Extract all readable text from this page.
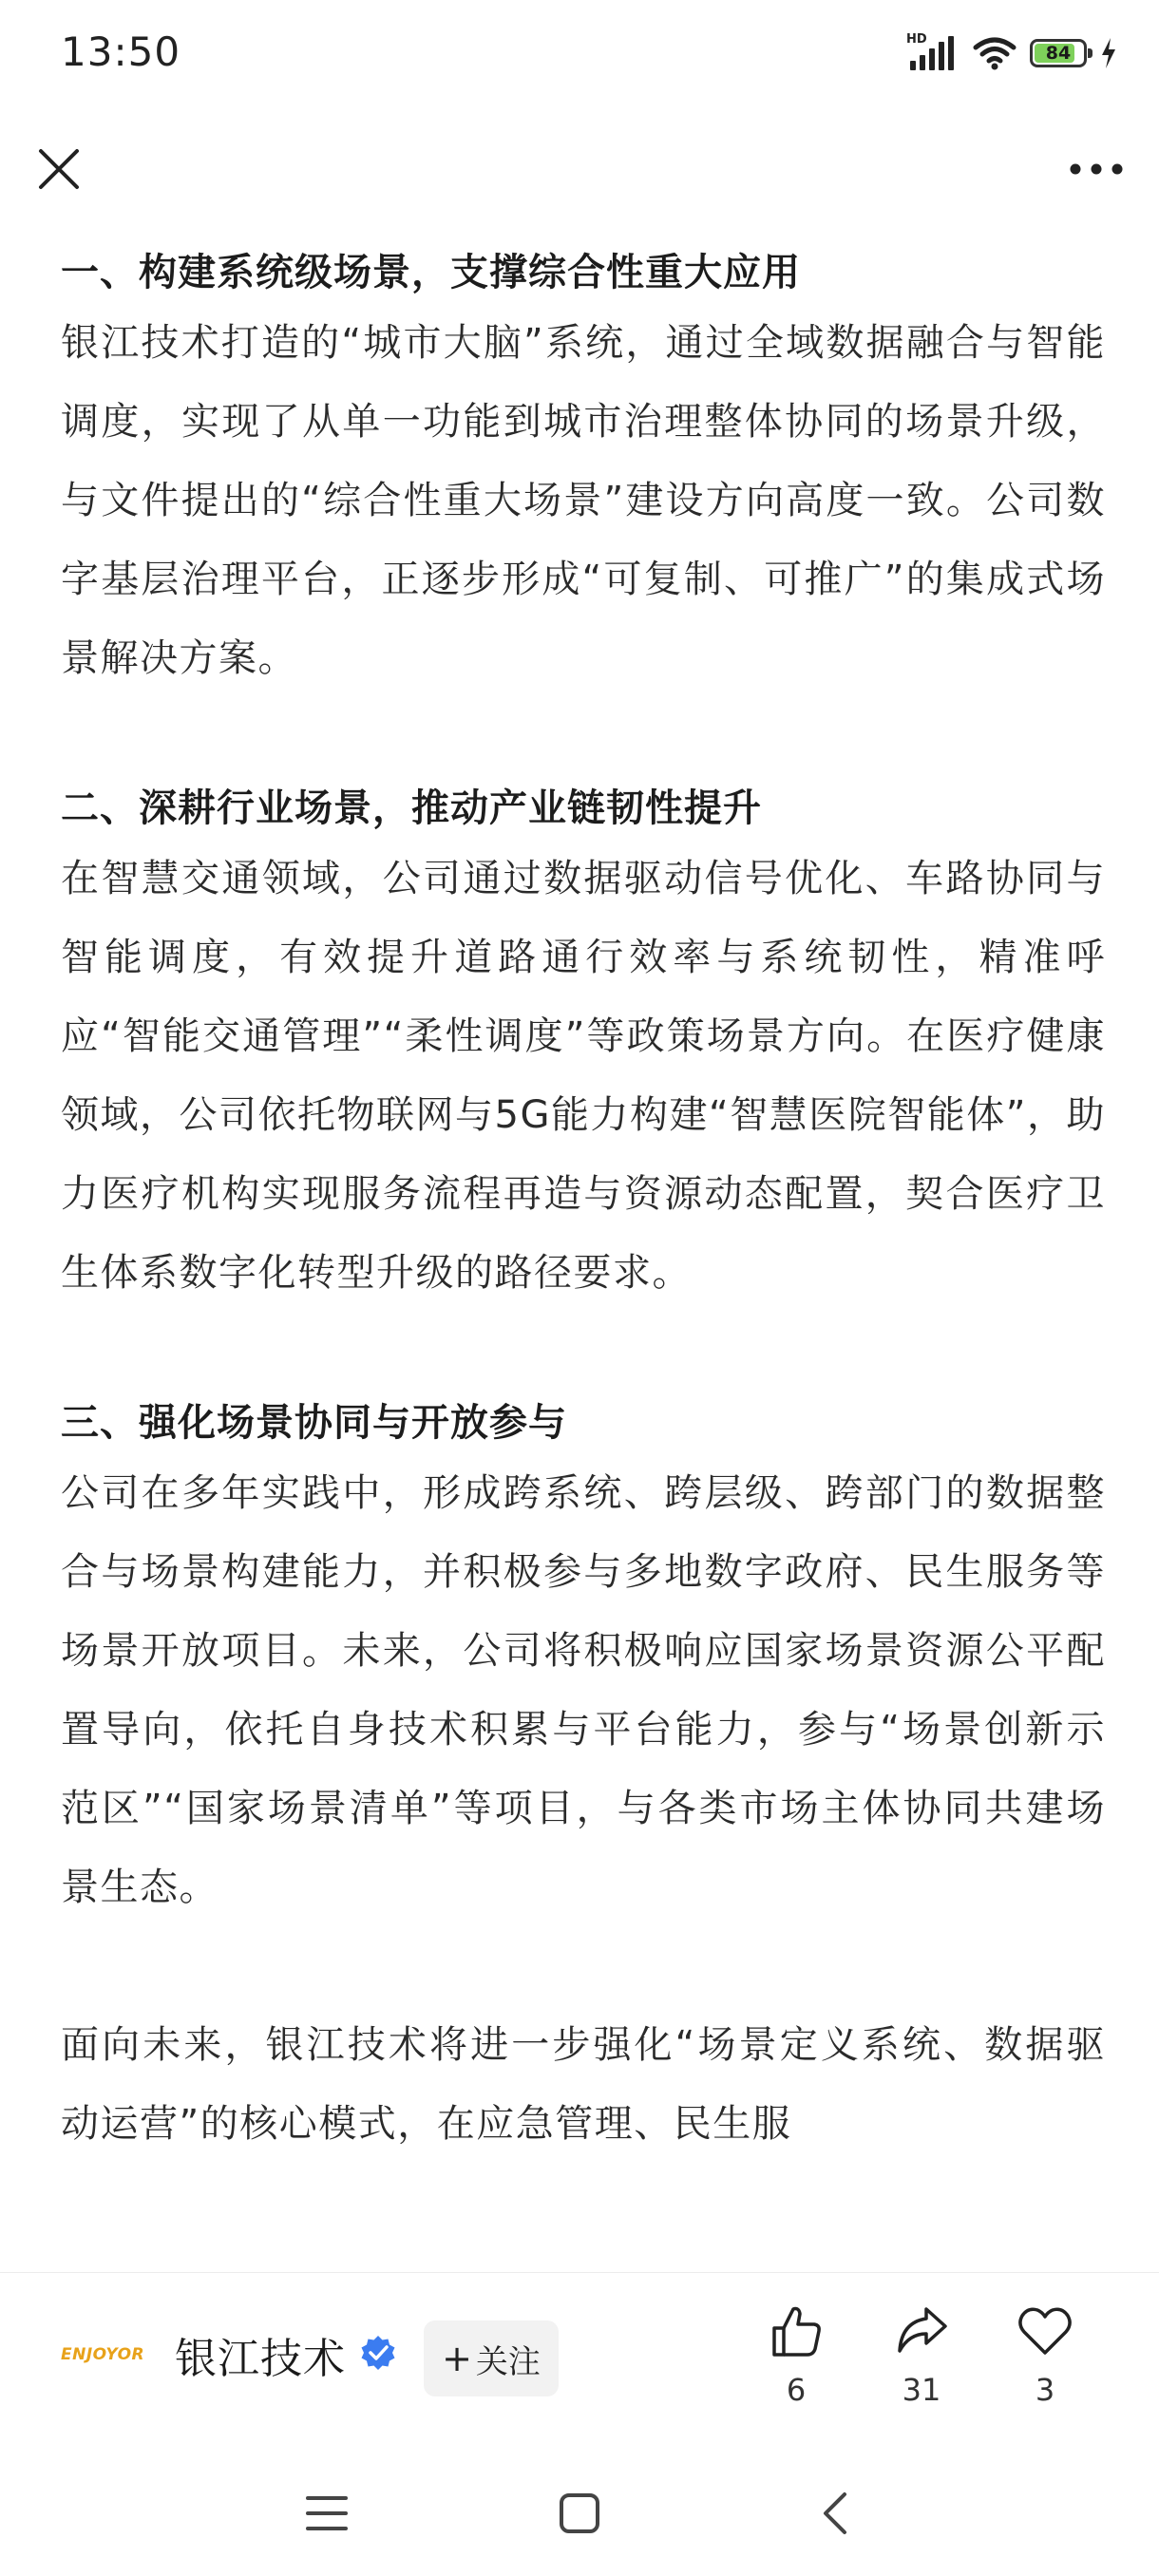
13:50	HD
84
一、构建系统级场景，支撑综合性重大应用

银江技术打造的“城市大脑”系统，通过全域数据融合与智能调度，实现了从单一功能到城市治理整体协同的场景升级，与文件提出的“综合性重大场景”建设方向高度一致。公司数字基层治理平台，正逐步形成“可复制、可推广”的集成式场景解决方案。

二、深耕行业场景，推动产业链韧性提升

在智慧交通领域，公司通过数据驱动信号优化、车路协同与智能调度，有效提升道路通行效率与系统韧性，精准呼应“智能交通管理”“柔性调度”等政策场景方向。在医疗健康领域，公司依托物联网与5G能力构建“智慧医院智能体”，助力医疗机构实现服务流程再造与资源动态配置，契合医疗卫生体系数字化转型升级的路径要求。

三、强化场景协同与开放参与

公司在多年实践中，形成跨系统、跨层级、跨部门的数据整合与场景构建能力，并积极参与多地数字政府、民生服务等场景开放项目。未来，公司将积极响应国家场景资源公平配置导向，依托自身技术积累与平台能力，参与“场景创新示范区”“国家场景清单”等项目，与各类市场主体协同共建场景生态。

面向未来，银江技术将进一步强化“场景定义系统、数据驱动运营”的核心模式，在应急管理、民生服

ENJOYOR 银江技术	+ 关注
6	31	3
